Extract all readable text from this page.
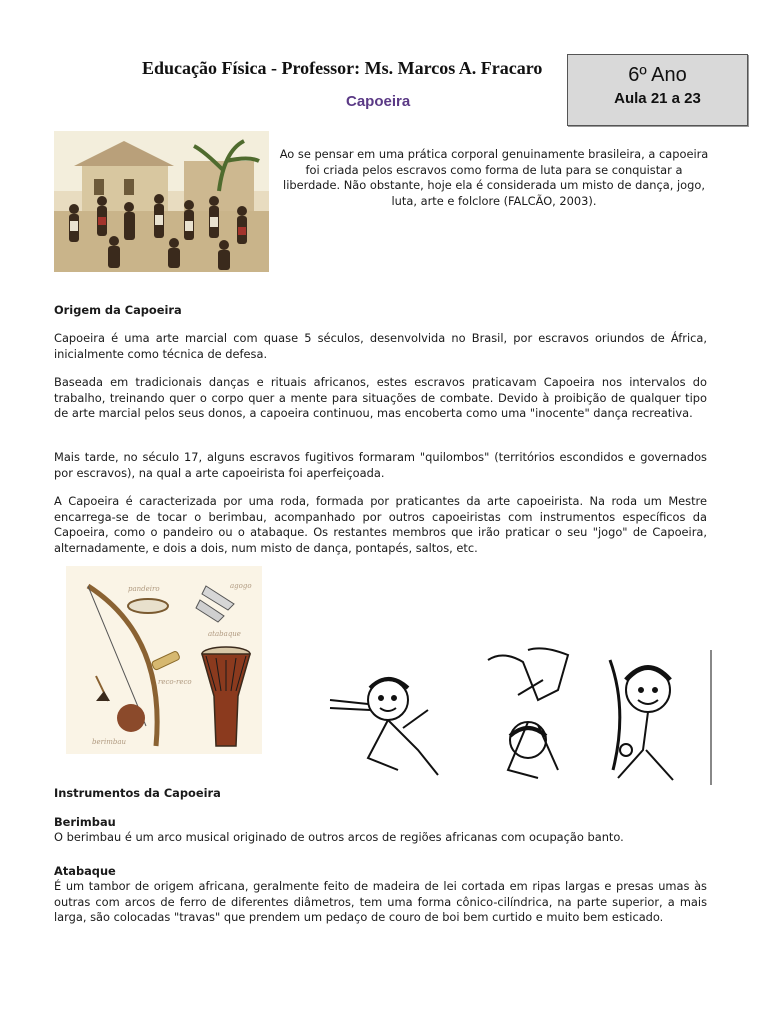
Educação Física - Professor: Ms. Marcos A. Fracaro
Capoeira
6º Ano
Aula 21 a 23
Ao se pensar em uma prática corporal genuinamente brasileira, a capoeira foi criada pelos escravos como forma de luta para se conquistar a liberdade. Não obstante, hoje ela é considerada um misto de dança, jogo, luta, arte e folclore (FALCÃO, 2003).
Origem da Capoeira
Capoeira é uma arte marcial com quase 5 séculos, desenvolvida no Brasil, por escravos oriundos de África, inicialmente como técnica de defesa.
Baseada em tradicionais danças e rituais africanos, estes escravos praticavam Capoeira nos intervalos do trabalho, treinando quer o corpo quer a mente para situações de combate. Devido à proibição de qualquer tipo de arte marcial pelos seus donos, a capoeira continuou, mas encoberta como uma "inocente" dança recreativa.
Mais tarde, no século 17, alguns escravos fugitivos formaram "quilombos" (territórios escondidos e governados por escravos), na qual a arte capoeirista foi aperfeiçoada.
A Capoeira é caracterizada por uma roda, formada por praticantes da arte capoeirista. Na roda um Mestre encarrega-se de tocar o berimbau, acompanhado por outros capoeiristas com instrumentos específicos da Capoeira, como o pandeiro ou o atabaque. Os restantes membros que irão praticar o seu "jogo" de Capoeira, alternadamente, e dois a dois, num misto de dança, pontapés, saltos, etc.
pandeiro	agogo
atabaque
reco-reco
berimbau
Instrumentos da Capoeira
Berimbau
O berimbau é um arco musical originado de outros arcos de regiões africanas com ocupação banto.
Atabaque
É um tambor de origem africana, geralmente feito de madeira de lei cortada em ripas largas e presas umas às outras com arcos de ferro de diferentes diâmetros, tem uma forma cônico-cilíndrica, na parte superior, a mais larga, são colocadas "travas" que prendem um pedaço de couro de boi bem curtido e muito bem esticado.
